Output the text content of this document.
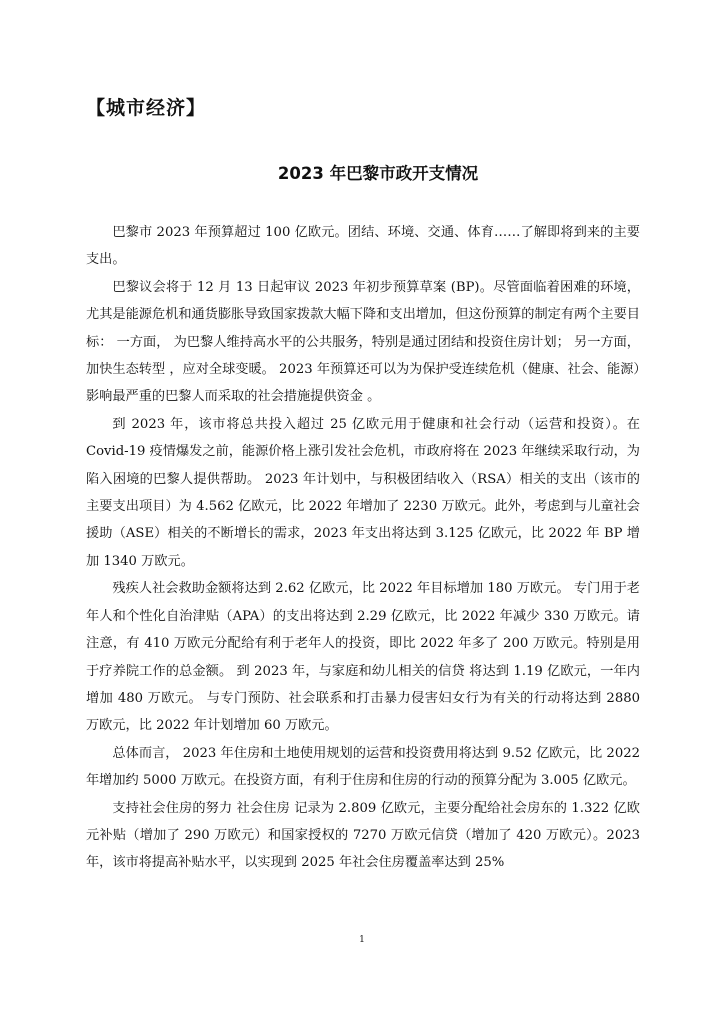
【城市经济】
2023 年巴黎市政开支情况

巴黎市 2023 年预算超过 100 亿欧元。团结、环境、交通、体育……了解即将到来的主要支出。

巴黎议会将于 12 月 13 日起审议 2023 年初步预算草案 (BP)。尽管面临着困难的环境，尤其是能源危机和通货膨胀导致国家拨款大幅下降和支出增加，但这份预算的制定有两个主要目标： 一方面， 为巴黎人维持高水平的公共服务，特别是通过团结和投资住房计划； 另一方面，加快生态转型 ，应对全球变暖。 2023 年预算还可以为为保护受连续危机（健康、社会、能源）影响最严重的巴黎人而采取的社会措施提供资金 。

到 2023 年，该市将总共投入超过 25 亿欧元用于健康和社会行动（运营和投资）。在 Covid-19 疫情爆发之前，能源价格上涨引发社会危机，市政府将在 2023 年继续采取行动，为陷入困境的巴黎人提供帮助。 2023 年计划中，与积极团结收入（RSA）相关的支出（该市的主要支出项目）为 4.562 亿欧元，比 2022 年增加了 2230 万欧元。此外，考虑到与儿童社会援助（ASE）相关的不断增长的需求，2023 年支出将达到 3.125 亿欧元，比 2022 年 BP 增加 1340 万欧元。

残疾人社会救助金额将达到 2.62 亿欧元，比 2022 年目标增加 180 万欧元。 专门用于老年人和个性化自治津贴（APA）的支出将达到 2.29 亿欧元，比 2022 年减少 330 万欧元。请注意，有 410 万欧元分配给有利于老年人的投资，即比 2022 年多了 200 万欧元。特别是用于疗养院工作的总金额。 到 2023 年，与家庭和幼儿相关的信贷 将达到 1.19 亿欧元，一年内增加 480 万欧元。 与专门预防、社会联系和打击暴力侵害妇女行为有关的行动将达到 2880 万欧元，比 2022 年计划增加 60 万欧元。

总体而言， 2023 年住房和土地使用规划的运营和投资费用将达到 9.52 亿欧元，比 2022 年增加约 5000 万欧元。在投资方面，有利于住房和住房的行动的预算分配为 3.005 亿欧元。

支持社会住房的努力 社会住房 记录为 2.809 亿欧元，主要分配给社会房东的 1.322 亿欧元补贴（增加了 290 万欧元）和国家授权的 7270 万欧元信贷（增加了 420 万欧元）。2023 年，该市将提高补贴水平，以实现到 2025 年社会住房覆盖率达到 25%

1
